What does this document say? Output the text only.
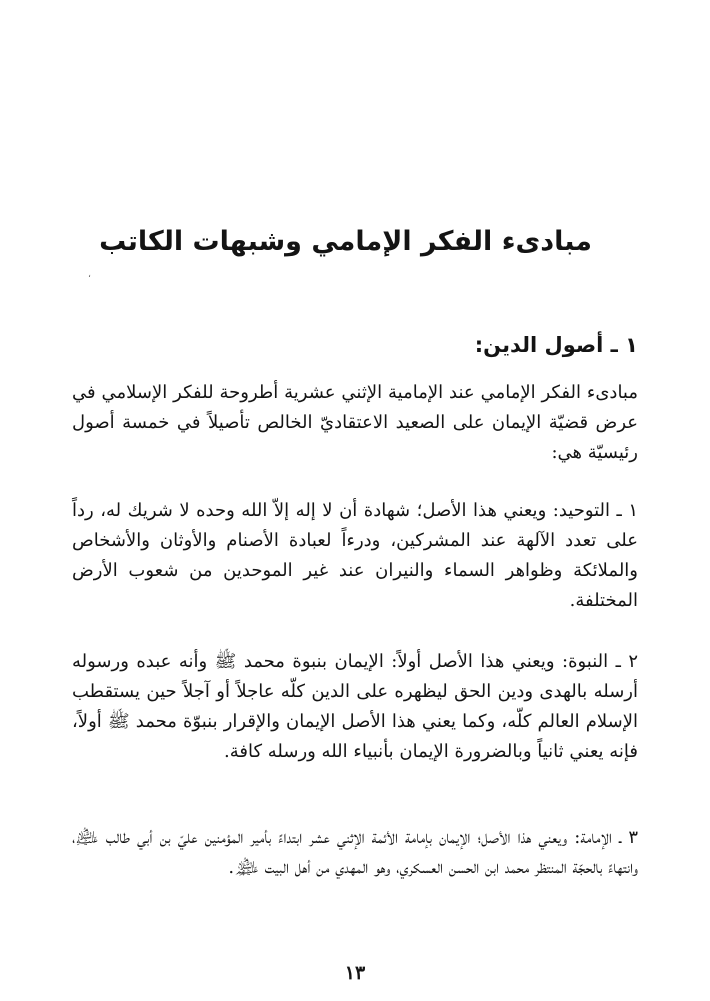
مبادىء الفكر الإمامي وشبهات الكاتب
،
١ ـ أصول الدين:

مبادىء الفكر الإمامي عند الإمامية الإثني عشرية أطروحة للفكر الإسلامي في عرض قضيّة الإيمان على الصعيد الاعتقاديّ الخالص تأصيلاً في خمسة أصول رئيسيّة هي:

١ ـ التوحيد: ويعني هذا الأصل؛ شهادة أن لا إله إلاّ الله وحده لا شريك له، رداً على تعدد الآلهة عند المشركين، ودرءاً لعبادة الأصنام والأوثان والأشخاص والملائكة وظواهر السماء والنيران عند غير الموحدين من شعوب الأرض المختلفة.

٢ ـ النبوة: ويعني هذا الأصل أولاً: الإيمان بنبوة محمد ﷺ وأنه عبده ورسوله أرسله بالهدى ودين الحق ليظهره على الدين كلّه عاجلاً أو آجلاً حين يستقطب الإسلام العالم كلّه، وكما يعني هذا الأصل الإيمان والإقرار بنبوّة محمد ﷺ أولاً، فإنه يعني ثانياً وبالضرورة الإيمان بأنبياء الله ورسله كافة.

٣ ـ الإمامة: ويعني هذا الأصل؛ الإيمان بإمامة الأئمة الإثني عشر ابتداءً بأمير المؤمنين عليّ بن أبي طالب ﵇، وانتهاءً بالحجّة المنتظر محمد ابن الحسن العسكري، وهو المهدي من أهل البيت ﵈.

١٣
